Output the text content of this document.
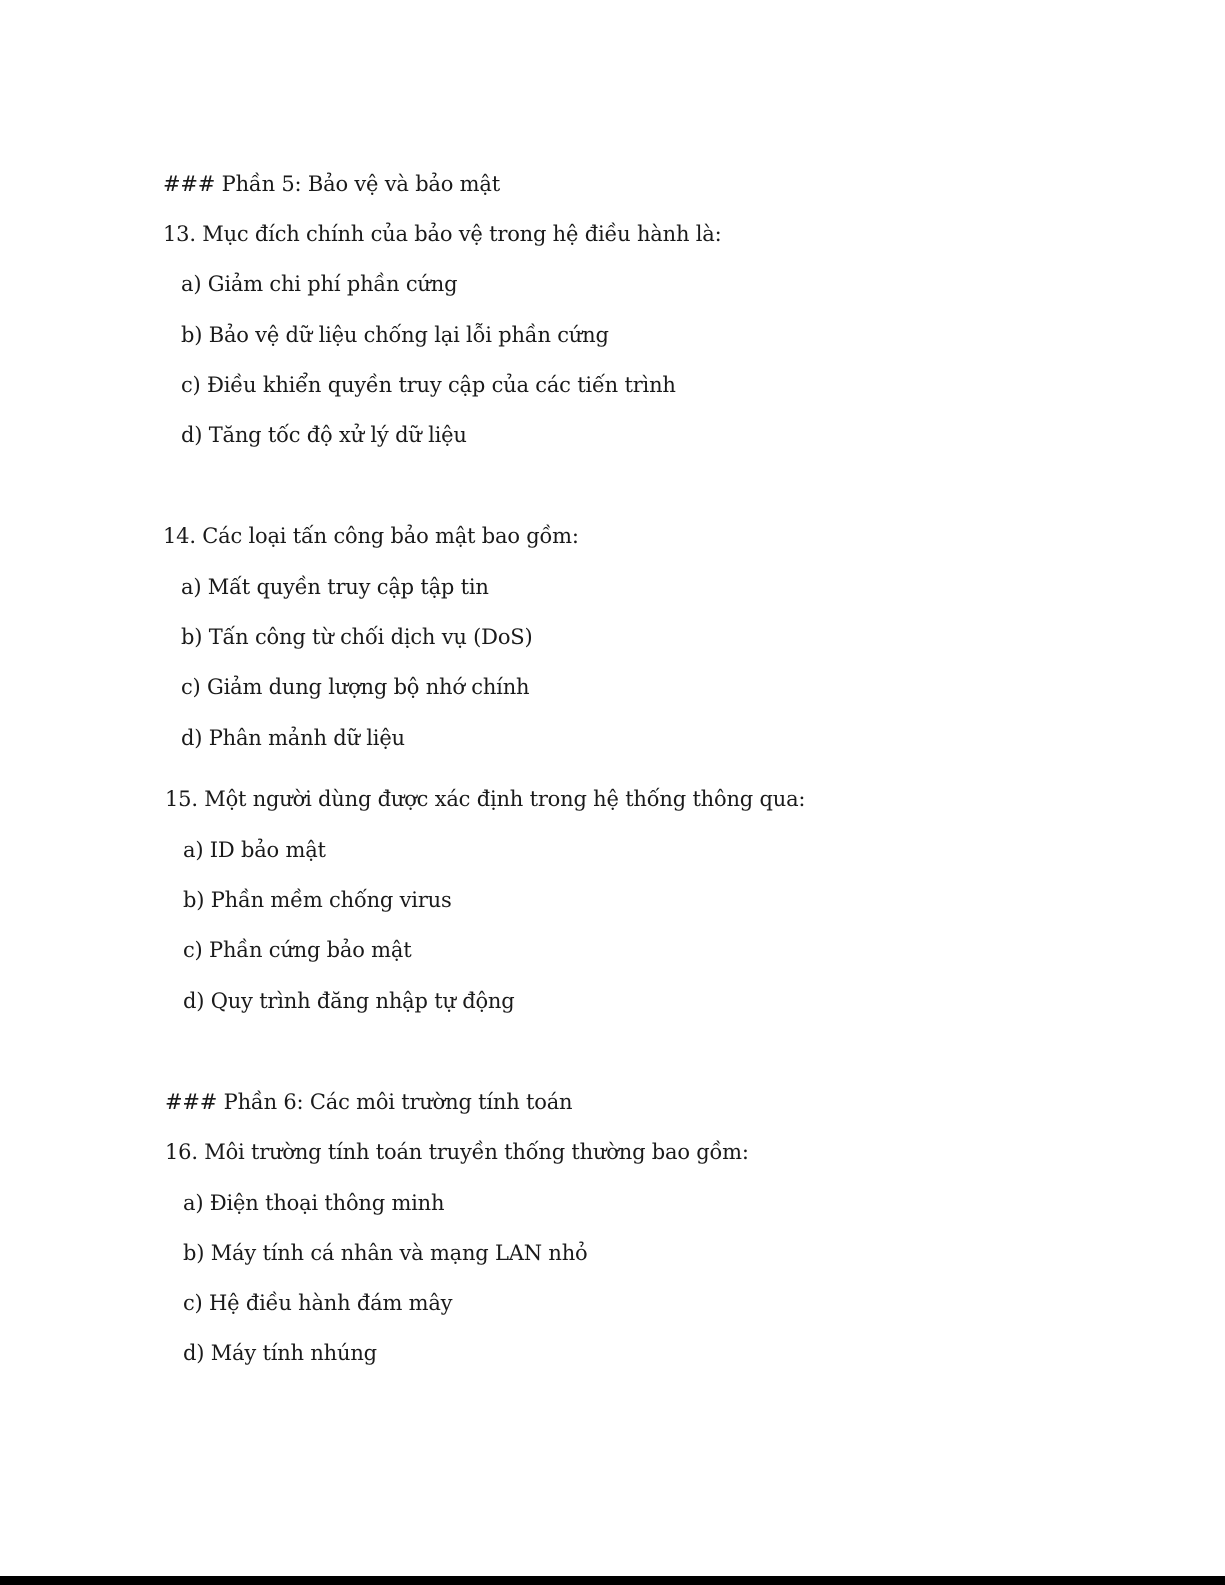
### Phần 5: Bảo vệ và bảo mật
13. Mục đích chính của bảo vệ trong hệ điều hành là:
a) Giảm chi phí phần cứng
b) Bảo vệ dữ liệu chống lại lỗi phần cứng
c) Điều khiển quyền truy cập của các tiến trình
d) Tăng tốc độ xử lý dữ liệu
14. Các loại tấn công bảo mật bao gồm:
a) Mất quyền truy cập tập tin
b) Tấn công từ chối dịch vụ (DoS)
c) Giảm dung lượng bộ nhớ chính
d) Phân mảnh dữ liệu
15. Một người dùng được xác định trong hệ thống thông qua:
a) ID bảo mật
b) Phần mềm chống virus
c) Phần cứng bảo mật
d) Quy trình đăng nhập tự động
### Phần 6: Các môi trường tính toán
16. Môi trường tính toán truyền thống thường bao gồm:
a) Điện thoại thông minh
b) Máy tính cá nhân và mạng LAN nhỏ
c) Hệ điều hành đám mây
d) Máy tính nhúng
